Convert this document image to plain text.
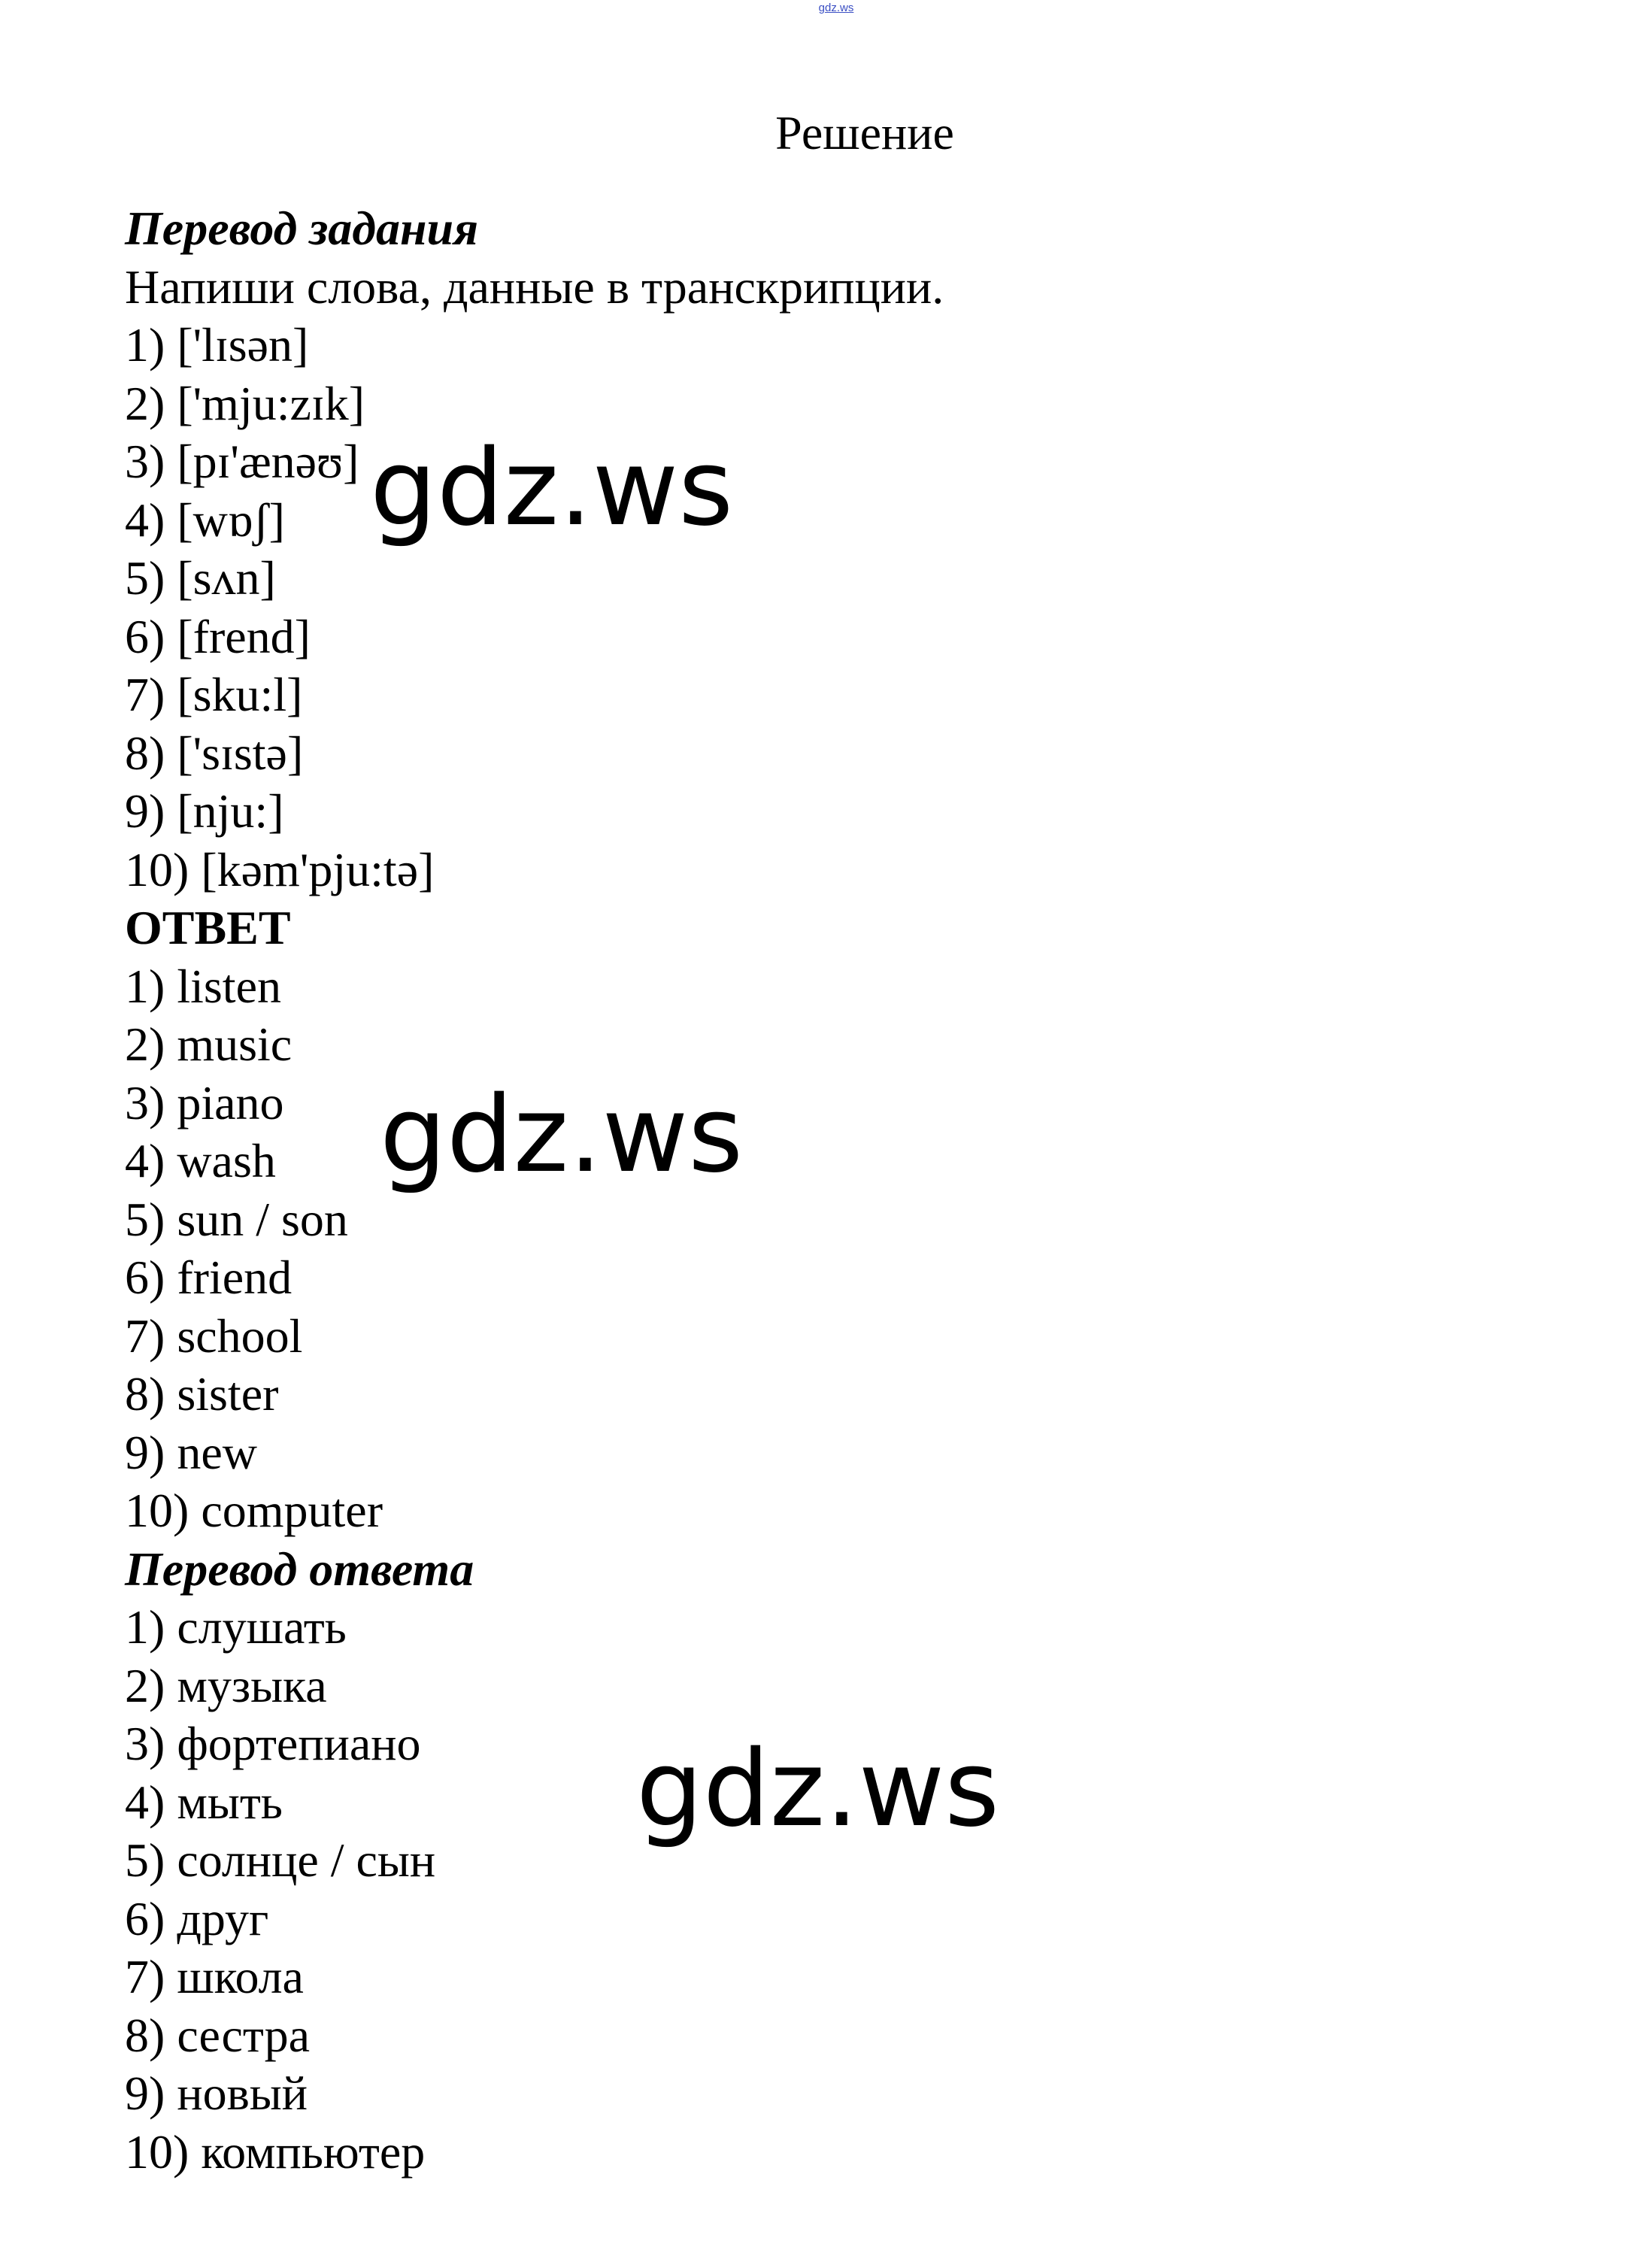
gdz.ws
Решение
Перевод задания
Напиши слова, данные в транскрипции.
1) ['lɪsən]
2) ['mju:zɪk]
3) [pɪ'ænəʊ]
4) [wɒʃ]
5) [sʌn]
6) [frend]
7) [sku:l]
8) ['sɪstə]
9) [nju:]
10) [kəm'pju:tə]
ОТВЕТ
1) listen
2) music
3) piano
4) wash
5) sun / son
6) friend
7) school
8) sister
9) new
10) computer
Перевод ответа
1) слушать
2) музыка
3) фортепиано
4) мыть
5) солнце / сын
6) друг
7) школа
8) сестра
9) новый
10) компьютер
gdz.ws
gdz.ws
gdz.ws
